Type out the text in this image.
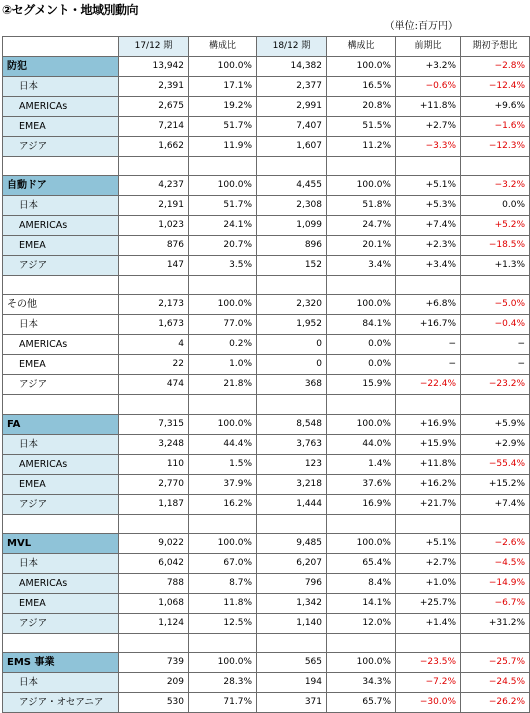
②セグメント・地域別動向
（単位:百万円）
	17/12 期	構成比	18/12 期	構成比	前期比	期初予想比
防犯	13,942	100.0%	14,382	100.0%	+3.2%	−2.8%
日本	2,391	17.1%	2,377	16.5%	−0.6%	−12.4%
AMERICAs	2,675	19.2%	2,991	20.8%	+11.8%	+9.6%
EMEA	7,214	51.7%	7,407	51.5%	+2.7%	−1.6%
アジア	1,662	11.9%	1,607	11.2%	−3.3%	−12.3%

自動ドア	4,237	100.0%	4,455	100.0%	+5.1%	−3.2%
日本	2,191	51.7%	2,308	51.8%	+5.3%	0.0%
AMERICAs	1,023	24.1%	1,099	24.7%	+7.4%	+5.2%
EMEA	876	20.7%	896	20.1%	+2.3%	−18.5%
アジア	147	3.5%	152	3.4%	+3.4%	+1.3%

その他	2,173	100.0%	2,320	100.0%	+6.8%	−5.0%
日本	1,673	77.0%	1,952	84.1%	+16.7%	−0.4%
AMERICAs	4	0.2%	0	0.0%	−	−
EMEA	22	1.0%	0	0.0%	−	−
アジア	474	21.8%	368	15.9%	−22.4%	−23.2%

FA	7,315	100.0%	8,548	100.0%	+16.9%	+5.9%
日本	3,248	44.4%	3,763	44.0%	+15.9%	+2.9%
AMERICAs	110	1.5%	123	1.4%	+11.8%	−55.4%
EMEA	2,770	37.9%	3,218	37.6%	+16.2%	+15.2%
アジア	1,187	16.2%	1,444	16.9%	+21.7%	+7.4%

MVL	9,022	100.0%	9,485	100.0%	+5.1%	−2.6%
日本	6,042	67.0%	6,207	65.4%	+2.7%	−4.5%
AMERICAs	788	8.7%	796	8.4%	+1.0%	−14.9%
EMEA	1,068	11.8%	1,342	14.1%	+25.7%	−6.7%
アジア	1,124	12.5%	1,140	12.0%	+1.4%	+31.2%

EMS 事業	739	100.0%	565	100.0%	−23.5%	−25.7%
日本	209	28.3%	194	34.3%	−7.2%	−24.5%
アジア・オセアニア	530	71.7%	371	65.7%	−30.0%	−26.2%
